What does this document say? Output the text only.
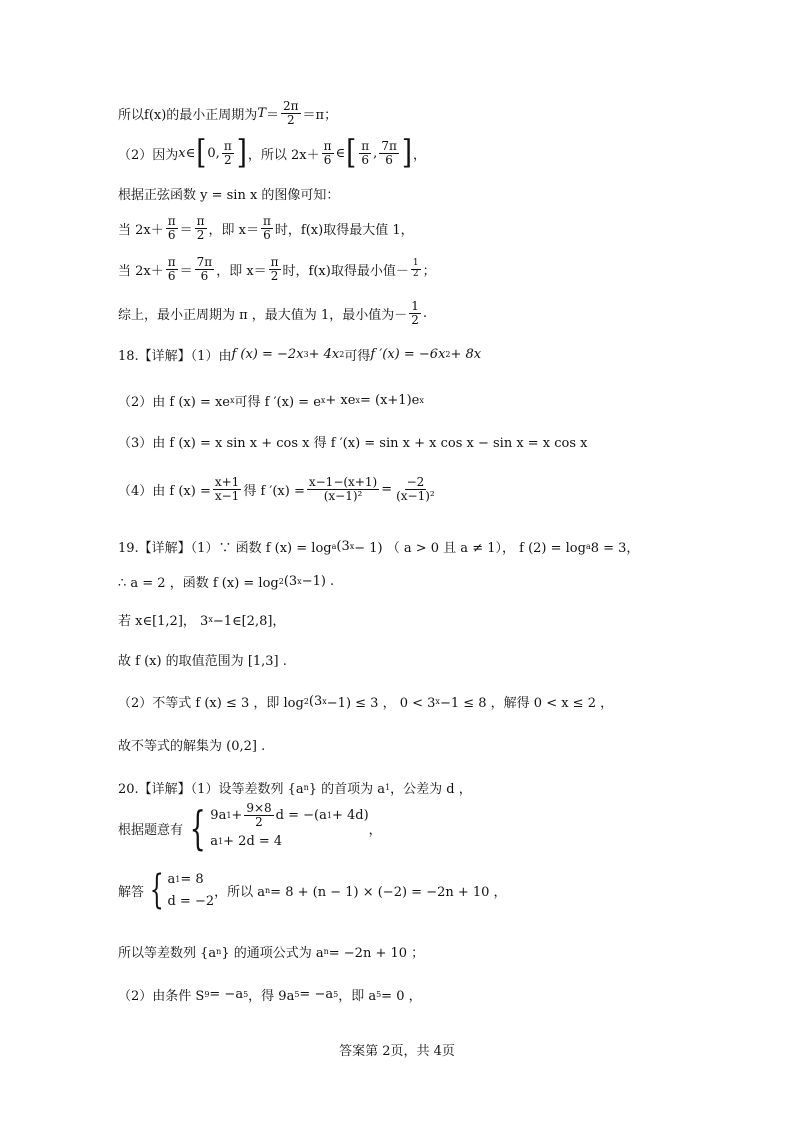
所以 f(x)的最小正周期为 $T = \frac{2\pi}{2} =\pi$；
（2）因为 x ∈ [ 0, $\frac{\pi}{2}$ ] ，所以 $2x+ \frac{\pi}{6}$ ∈ [ $\frac{\pi}{6}$ , $\frac{7\pi}{6}$ ] ，
根据正弦函数 y = sin x 的图像可知：
当 $2x+ \frac{\pi}{6} = \frac{\pi}{2}$ ，即 $x= \frac{\pi}{6}$ 时，f(x)取得最大值 1，
当 $2x+ \frac{\pi}{6} = \frac{7\pi}{6}$ ，即 $x= \frac{\pi}{2}$ 时，f(x)取得最小值－ $\frac{1}{2}$ ；
综上，最小正周期为 π ，最大值为 1，最小值为－ $\frac{1}{2}$ .
18.【详解】（1）由 f (x) = −2x 3 + 4x 2 可得 f ′(x) = −6x 2 + 8x
（2）由 f (x) = xe x 可得 f ′(x) = e x + xe x = (x+1)e x
（3）由 f (x) = x sin x + cos x 得 f ′(x) = sin x + x cos x − sin x = x cos x
（4）由 f $(x) = \frac{x+1}{x-1}$ 得 f $'(x) = \frac{x-1-(x+1)}{\text{(x−1)²}} = \frac{-2}{\text{(x−1)²}}$
19.【详解】（1）∵ 函数 f (x) = log a (3 x − 1) （ a > 0 且 a ≠ 1）， f (2) = log a 8 = 3，
∴ a = 2 ，函数 f (x) = log 2 (3 x −1) .
若 x∈[1,2]， 3 x −1∈[2,8]，
故 f (x) 的取值范围为 [1,3] .
（2）不等式 f (x) ≤ 3 ，即 log 2 (3 x −1) ≤ 3 ， 0 < 3 x −1 ≤ 8 ，解得 0 < x ≤ 2 ，
故不等式的解集为 (0,2] .
20.【详解】（1）设等差数列 {a n } 的首项为 a 1 ，公差为 d ，
根据题意有 { 9a $1 + \frac{9\times 8}{2}$ d = −(a 1 + 4d)
a 1 + 2d = 4
，
解答 { a 1 = 8
d = −2
，所以 a n = 8 + (n − 1) × (−2) = −2n + 10 ，
所以等差数列 {a n } 的通项公式为 a n = −2n + 10 ；
（2）由条件 S 9 = −a 5 ，得 9a 5 = −a 5 ，即 a 5 = 0 ，
答案第 2页，共 4页
